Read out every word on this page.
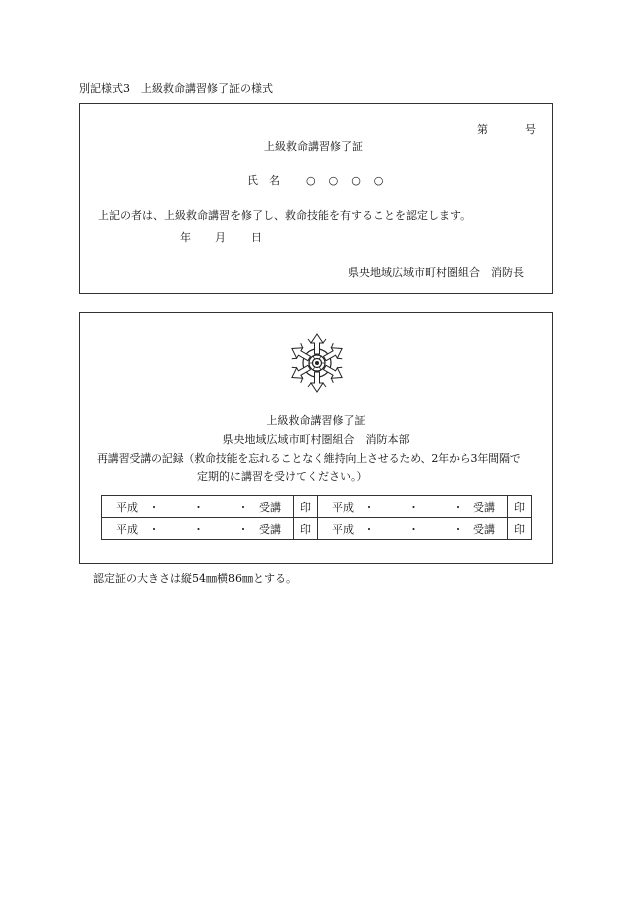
別記様式3　上級救命講習修了証の様式
第	号
上級救命講習修了証
氏　名 ○　○　○　○
上記の者は、上級救命講習を修了し、救命技能を有することを認定します。
年 月 日
県央地域広域市町村圏組合　消防長
上級救命講習修了証
県央地域広域市町村圏組合　消防本部
再講習受講の記録（救命技能を忘れることなく維持向上させるため、2年から3年間隔で
定期的に講習を受けてください。）
平成 ・ ・ ・ 受講	印	平成 ・ ・ ・ 受講	印

平成 ・ ・ ・ 受講	印	平成 ・ ・ ・ 受講	印
認定証の大きさは縦54㎜横86㎜とする。
